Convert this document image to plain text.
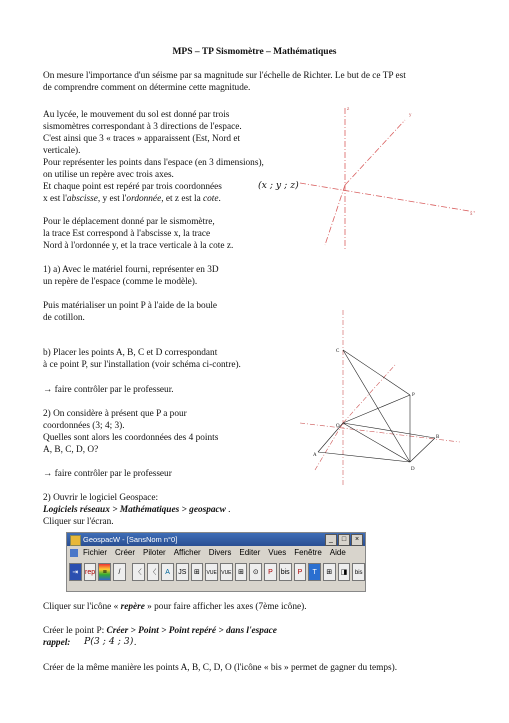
MPS – TP Sismomètre – Mathématiques
On mesure l'importance d'un séisme par sa magnitude sur l'échelle de Richter. Le but de ce TP est
de comprendre comment on détermine cette magnitude.
Au lycée, le mouvement du sol est donné par trois
sismomètres correspondant à 3 directions de l'espace.
C'est ainsi que 3 « traces » apparaissent (Est, Nord et
verticale).
Pour représenter les points dans l'espace (en 3 dimensions),
on utilise un repère avec trois axes.
Et chaque point est repéré par trois coordonnées	(x ; y ; z)
x est l'abscisse, y est l'ordonnée, et z est la cote.
Pour le déplacement donné par le sismomètre,
la trace Est correspond à l'abscisse x, la trace
Nord à l'ordonnée y, et la trace verticale à la cote z.
1) a) Avec le matériel fourni, représenter en 3D
un repère de l'espace (comme le modèle).
Puis matérialiser un point P à l'aide de la boule
de cotillon.
b) Placer les points A, B, C et D correspondant
à ce point P, sur l'installation (voir schéma ci-contre).
→ faire contrôler par le professeur.
2) On considère à présent que P a pour
coordonnées (3; 4; 3).
Quelles sont alors les coordonnées des 4 points
A, B, C, D, O?
→ faire contrôler par le professeur
2) Ouvrir le logiciel Geospace:
Logiciels réseaux > Mathématiques > geospacw .
Cliquer sur l'écran.
GeospacW - [SansNom n°0]	_	□	×
Fichier Créer Piloter Afficher Divers Editer Vues Fenêtre Aide
⇥ rep	≡	/	〈	〈	A	JS	⊞	VUE VUE ⊞	⊙	P	bis	P	T	⊞	◨	bis
Cliquer sur l'icône « repère » pour faire afficher les axes (7ème icône).
Créer le point P: Créer > Point > Point repéré > dans l'espace
rappel: P(3 ; 4 ; 3) .
Créer de la même manière les points A, B, C, D, O (l'icône « bis » permet de gagner du temps).
x
y
z
P
C
O
B
A
D
